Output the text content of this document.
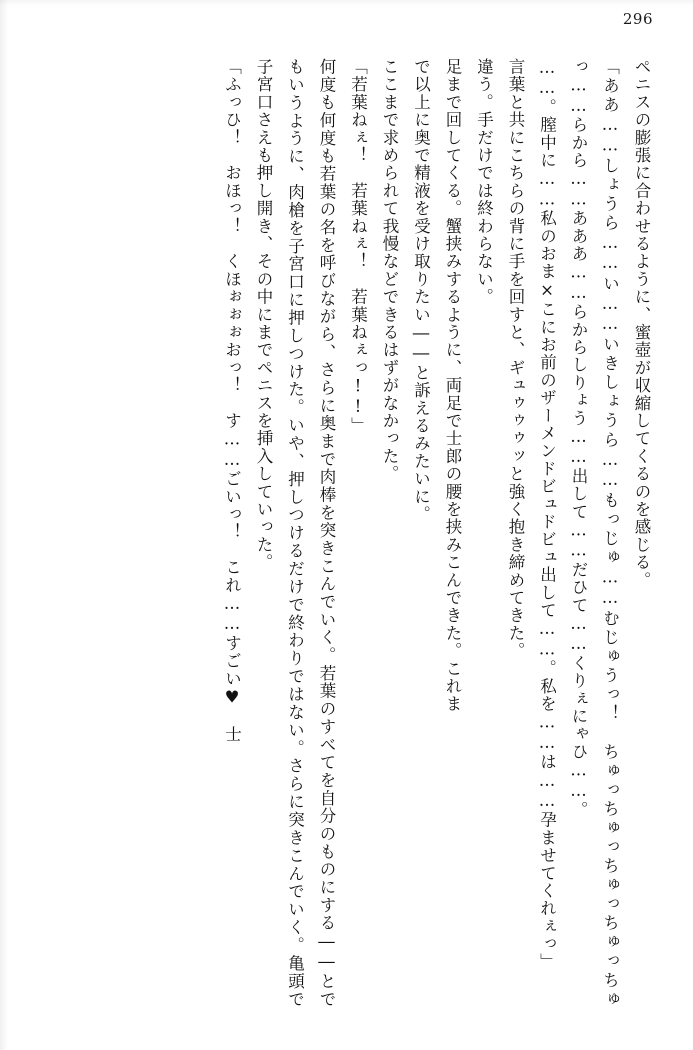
296

ペニスの膨張に合わせるように、蜜壺が収縮してくるのを感じる。

「ああ……しょうら……い……いきしょうら……もっじゅ……むじゅうっ！　ちゅっちゅっちゅっちゅっちゅっ……らから……あああ……らからしりょう……出して……だひて……くりぇにゃひ……。

……。膣中に……私のおま×こにお前のザーメンドビュドビュ出して……。私を……は……孕ませてくれぇっ」

言葉と共にこちらの背に手を回すと、ギュゥゥゥッと強く抱き締めてきた。

違う。手だけでは終わらない。

足まで回してくる。蟹挟みするように、両足で士郎の腰を挟みこんできた。これま

で以上に奥で精液を受け取りたい――と訴えるみたいに。

ここまで求められて我慢などできるはずがなかった。

「若葉ねぇ！　若葉ねぇ！　若葉ねぇっ!!」

何度も何度も若葉の名を呼びながら、さらに奥まで肉棒を突きこんでいく。若葉のすべてを自分のものにする――とでもいうように、肉槍を子宮口に押しつけた。いや、押しつけるだけで終わりではない。さらに突きこんでいく。亀頭で子宮口さえも押し開き、その中にまでペニスを挿入していった。

「ふっひ！　おほっ！　くほぉぉぉおっ！　す……ごいっ！　これ……すごい♥　士
